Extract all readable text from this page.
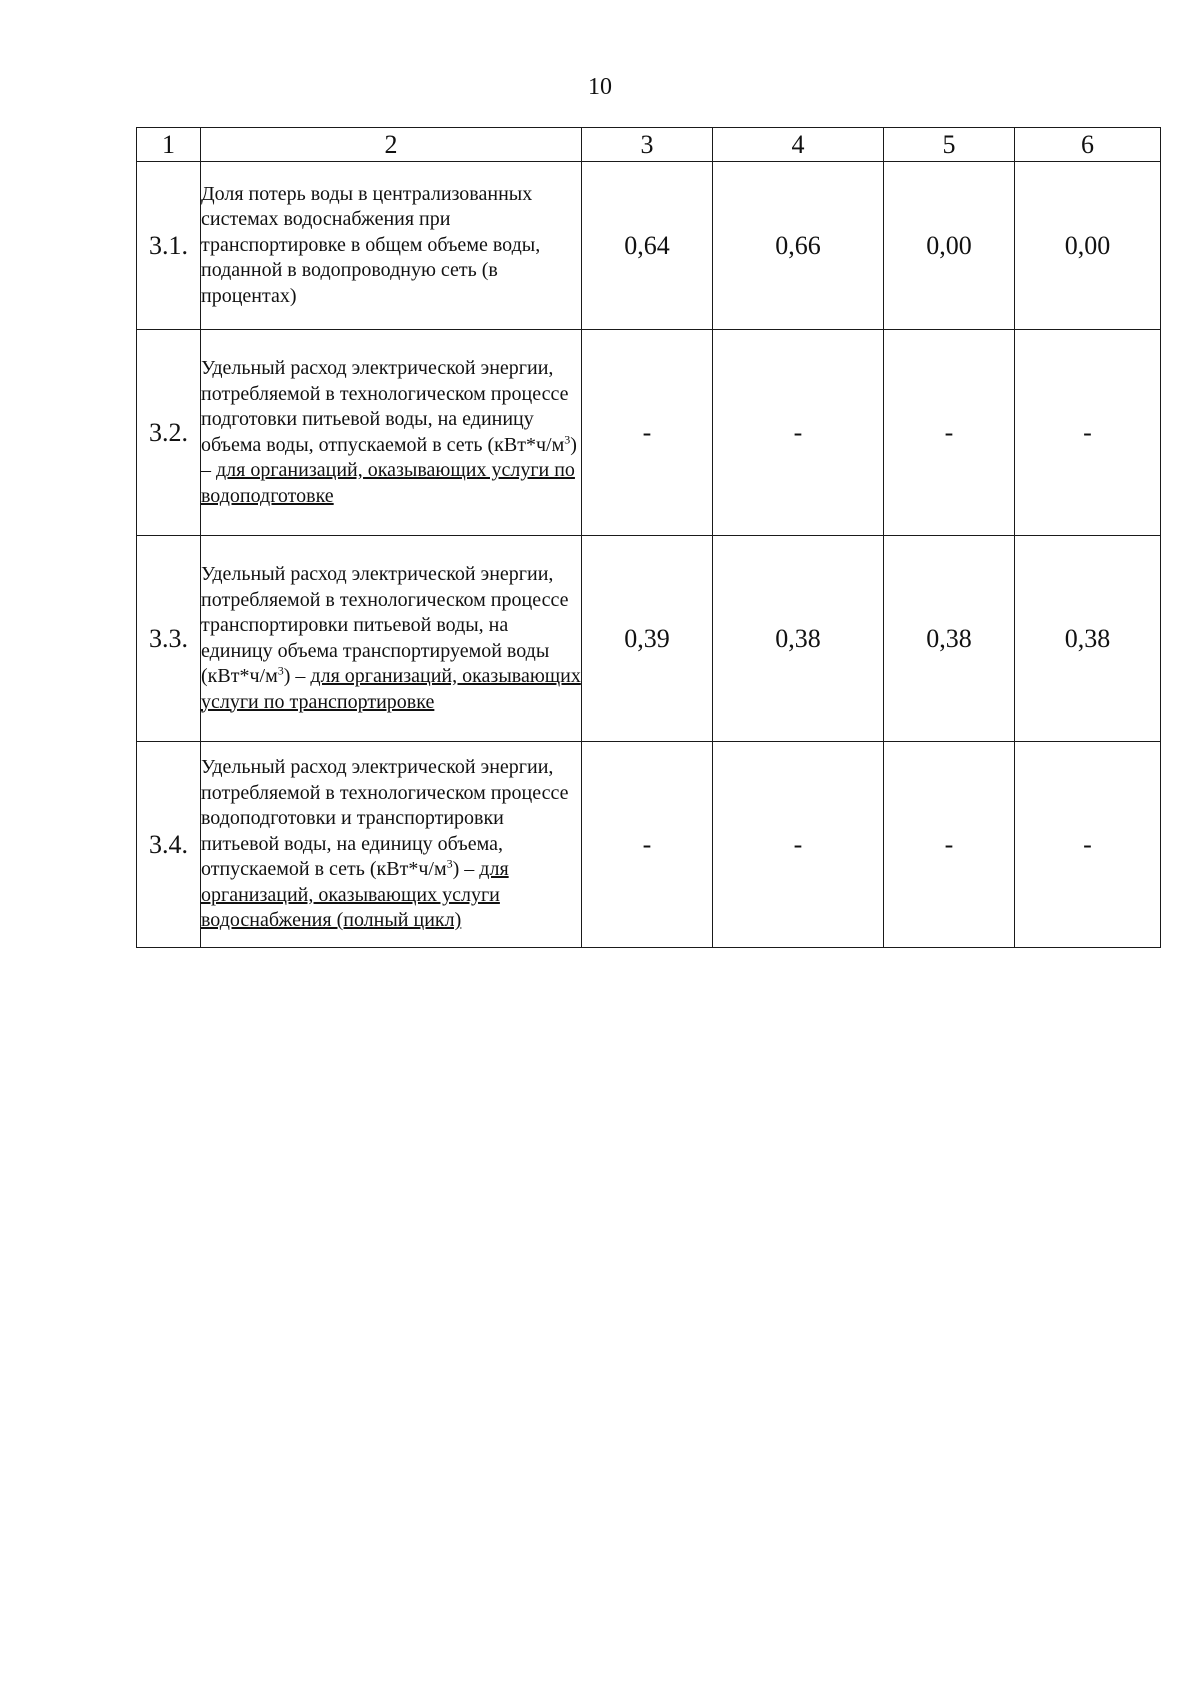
10
1	2	3	4	5	6
3.1.	Доля потерь воды в централизованных системах водоснабжения при транспортировке в общем объеме воды, поданной в водопроводную сеть (в процентах)	0,64	0,66	0,00	0,00
3.2.	Удельный расход электрической энергии, потребляемой в технологическом процессе подготовки питьевой воды, на единицу объема воды, отпускаемой в сеть $(кВт*ч/м^3)$ – для организаций, оказывающих услуги по водоподготовке	-	-	-	-
3.3.	Удельный расход электрической энергии, потребляемой в технологическом процессе транспортировки питьевой воды, на единицу объема транспортируемой воды $(кВт*ч/м^3)$ – для организаций, оказывающих услуги по транспортировке	0,39	0,38	0,38	0,38
3.4.	Удельный расход электрической энергии, потребляемой в технологическом процессе водоподготовки и транспортировки питьевой воды, на единицу объема, отпускаемой в сеть $(кВт*ч/м^3)$ – для организаций, оказывающих услуги водоснабжения (полный цикл)	-	-	-	-
